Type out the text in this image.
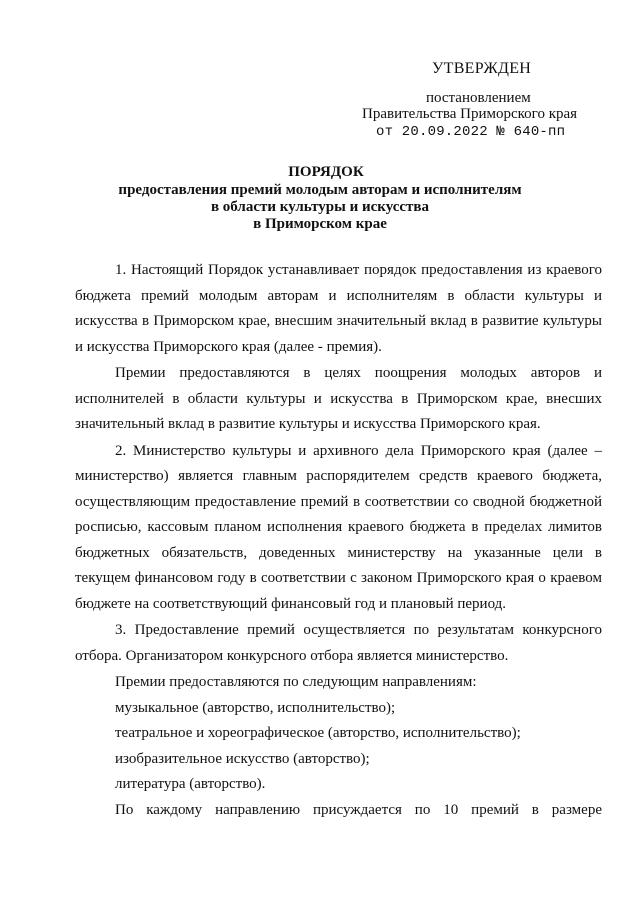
УТВЕРЖДЕН
постановлением
Правительства Приморского края
от 20.09.2022 № 640-пп
ПОРЯДОК
предоставления премий молодым авторам и исполнителям
в области культуры и искусства
в Приморском крае

1. Настоящий Порядок устанавливает порядок предоставления из краевого бюджета премий молодым авторам и исполнителям в области культуры и искусства в Приморском крае, внесшим значительный вклад в развитие культуры и искусства Приморского края (далее - премия).

Премии предоставляются в целях поощрения молодых авторов и исполнителей в области культуры и искусства в Приморском крае, внесших значительный вклад в развитие культуры и искусства Приморского края.

2. Министерство культуры и архивного дела Приморского края (далее – министерство) является главным распорядителем средств краевого бюджета, осуществляющим предоставление премий в соответствии со сводной бюджетной росписью, кассовым планом исполнения краевого бюджета в пределах лимитов бюджетных обязательств, доведенных министерству на указанные цели в текущем финансовом году в соответствии с законом Приморского края о краевом бюджете на соответствующий финансовый год и плановый период.

3. Предоставление премий осуществляется по результатам конкурсного отбора. Организатором конкурсного отбора является министерство.

Премии предоставляются по следующим направлениям:

музыкальное (авторство, исполнительство);

театральное и хореографическое (авторство, исполнительство);

изобразительное искусство (авторство);

литература (авторство).

По каждому направлению присуждается по 10 премий в размере
